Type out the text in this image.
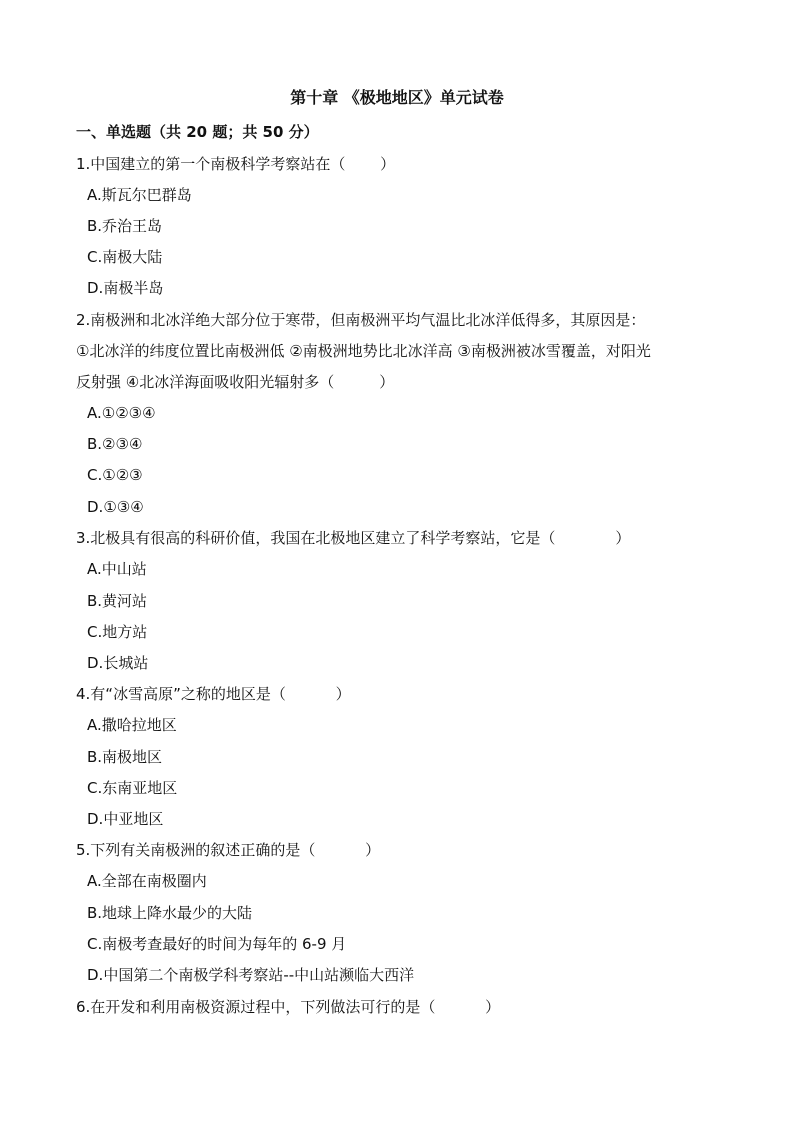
第十章 《极地地区》单元试卷
一、单选题（共 20 题；共 50 分）
1.中国建立的第一个南极科学考察站在（　　 ）
A.斯瓦尔巴群岛
B.乔治王岛
C.南极大陆
D.南极半岛
2.南极洲和北冰洋绝大部分位于寒带，但南极洲平均气温比北冰洋低得多，其原因是：
①北冰洋的纬度位置比南极洲低 ②南极洲地势比北冰洋高 ③南极洲被冰雪覆盖，对阳光
反射强 ④北冰洋海面吸收阳光辐射多（　　　）
A.①②③④
B.②③④
C.①②③
D.①③④
3.北极具有很高的科研价值，我国在北极地区建立了科学考察站，它是（　　　　）
A.中山站
B.黄河站
C.地方站
D.长城站
4.有“冰雪高原”之称的地区是（　　　 ）
A.撒哈拉地区
B.南极地区
C.东南亚地区
D.中亚地区
5.下列有关南极洲的叙述正确的是（　　　 ）
A.全部在南极圈内
B.地球上降水最少的大陆
C.南极考查最好的时间为每年的 6-9 月
D.中国第二个南极学科考察站--中山站濒临大西洋
6.在开发和利用南极资源过程中，下列做法可行的是（　　　 ）
